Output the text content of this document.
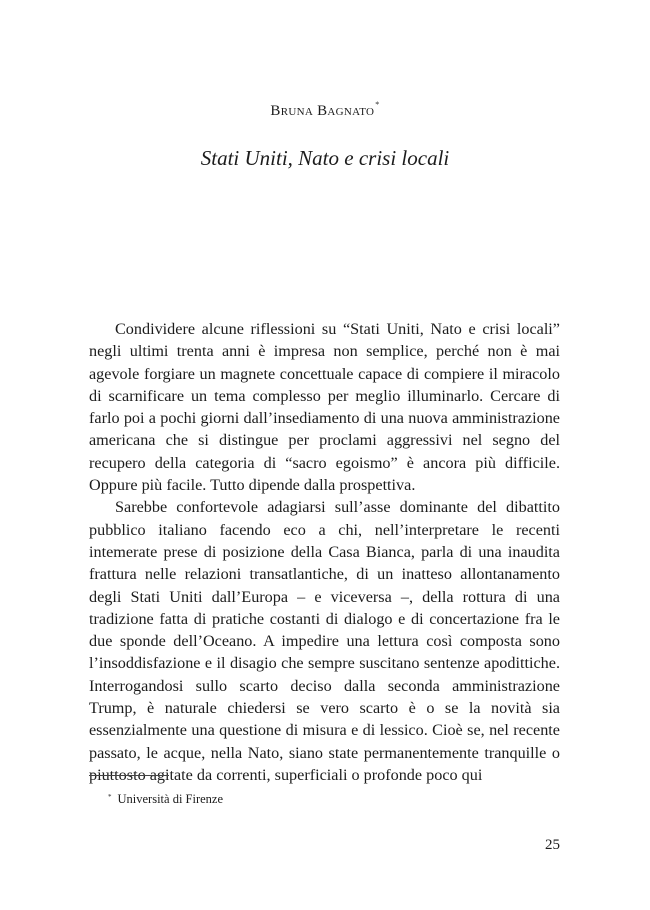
Bruna Bagnato*
Stati Uniti, Nato e crisi locali

Condividere alcune riflessioni su “Stati Uniti, Nato e crisi locali” negli ultimi trenta anni è impresa non semplice, perché non è mai agevole forgiare un magnete concettuale capace di compiere il miracolo di scarnificare un tema complesso per meglio illuminarlo. Cercare di farlo poi a pochi giorni dall’insediamento di una nuova amministrazione americana che si distingue per proclami aggressivi nel segno del recupero della categoria di “sacro egoismo” è ancora più difficile. Oppure più facile. Tutto dipende dalla prospettiva.

Sarebbe confortevole adagiarsi sull’asse dominante del dibattito pubblico italiano facendo eco a chi, nell’interpretare le recenti intemerate prese di posizione della Casa Bianca, parla di una inaudita frattura nelle relazioni transatlantiche, di un inatteso allontanamento degli Stati Uniti dall’Europa – e viceversa –, della rottura di una tradizione fatta di pratiche costanti di dialogo e di concertazione fra le due sponde dell’Oceano. A impedire una lettura così composta sono l’insoddisfazione e il disagio che sempre suscitano sentenze apodittiche. Interrogandosi sullo scarto deciso dalla seconda amministrazione Trump, è naturale chiedersi se vero scarto è o se la novità sia essenzialmente una questione di misura e di lessico. Cioè se, nel recente passato, le acque, nella Nato, siano state permanentemente tranquille o piuttosto agitate da correnti, superficiali o profonde poco qui

* Università di Firenze
25
